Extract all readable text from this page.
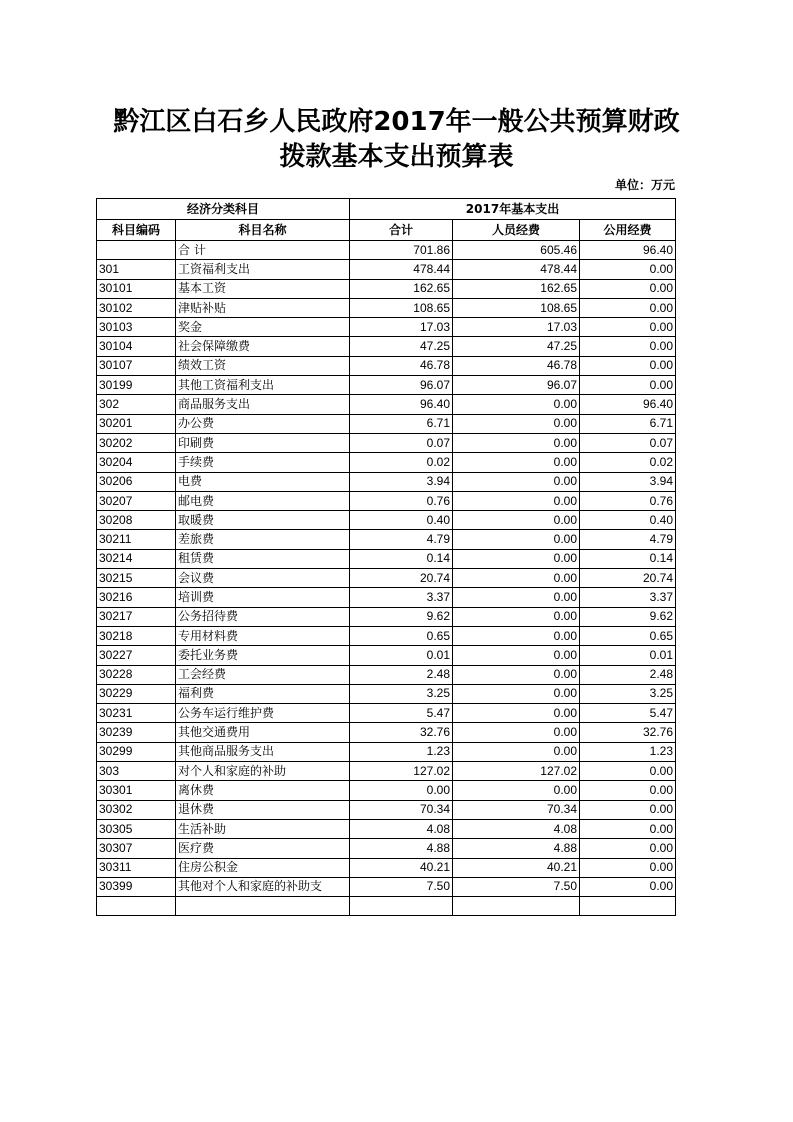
黔江区白石乡人民政府2017年一般公共预算财政
拨款基本支出预算表
单位：万元
经济分类科目		2017年基本支出		
科目编码	科目名称	合计	人员经费	公用经费
	合 计	701.86	605.46	96.40
301	工资福利支出	478.44	478.44	0.00
30101	基本工资	162.65	162.65	0.00
30102	津贴补贴	108.65	108.65	0.00
30103	奖金	17.03	17.03	0.00
30104	社会保障缴费	47.25	47.25	0.00
30107	绩效工资	46.78	46.78	0.00
30199	其他工资福利支出	96.07	96.07	0.00
302	商品服务支出	96.40	0.00	96.40
30201	办公费	6.71	0.00	6.71
30202	印刷费	0.07	0.00	0.07
30204	手续费	0.02	0.00	0.02
30206	电费	3.94	0.00	3.94
30207	邮电费	0.76	0.00	0.76
30208	取暖费	0.40	0.00	0.40
30211	差旅费	4.79	0.00	4.79
30214	租赁费	0.14	0.00	0.14
30215	会议费	20.74	0.00	20.74
30216	培训费	3.37	0.00	3.37
30217	公务招待费	9.62	0.00	9.62
30218	专用材料费	0.65	0.00	0.65
30227	委托业务费	0.01	0.00	0.01
30228	工会经费	2.48	0.00	2.48
30229	福利费	3.25	0.00	3.25
30231	公务车运行维护费	5.47	0.00	5.47
30239	其他交通费用	32.76	0.00	32.76
30299	其他商品服务支出	1.23	0.00	1.23
303	对个人和家庭的补助	127.02	127.02	0.00
30301	离休费	0.00	0.00	0.00
30302	退休费	70.34	70.34	0.00
30305	生活补助	4.08	4.08	0.00
30307	医疗费	4.88	4.88	0.00
30311	住房公积金	40.21	40.21	0.00
30399	其他对个人和家庭的补助支	7.50	7.50	0.00
